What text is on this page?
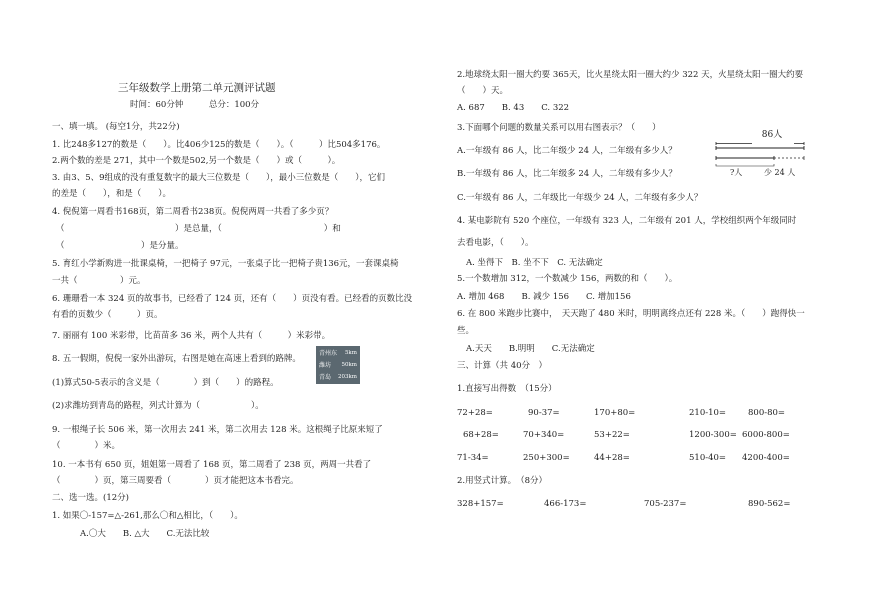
三年级数学上册第二单元测评试题
时间：60分钟　　　总分：100分
一、填一填。 (每空1分，共22分)
1. 比248多127的数是（　　）。比406少125的数是（　　）。（　　　）比504多176。
2.两个数的差是 271，其中一个数是502,另一个数是（　　）或（　　　）。
3. 由3、5、9组成的没有重复数字的最大三位数是（　　），最小三位数是（　　），它们
的差是（　　），和是（　　）。
4. 倪倪第一周看书168页，第二周看书238页。倪倪两周一共看了多少页？
（　　　　　　　　　　　　　）是总量，（　　　　　　　　　　　　）和
（　　　　　　　　　）是分量。
5. 育红小学新购进一批课桌椅，一把椅子 97元，一张桌子比一把椅子贵136元，一套课桌椅
一共（　　　　　）元。
6. 珊珊看一本 324 页的故事书，已经看了 124 页，还有（　　）页没有看。已经看的页数比没
有看的页数少（　　　）页。
7. 丽丽有 100 米彩带，比苗苗多 36 米，两个人共有（　　　）米彩带。
8. 五一假期，倪倪一家外出游玩，右图是她在高速上看到的路牌。
(1)算式50-5表示的含义是（　　　　）到（　　）的路程。
(2)求潍坊到青岛的路程，列式计算为（　　　　　　）。
青州东 5km
潍坊 50km
青岛 203km
9. 一根绳子长 506 米，第一次用去 241 米，第二次用去 128 米。这根绳子比原来短了
（　　　　）米。
10. 一本书有 650 页，姐姐第一周看了 168 页，第二周看了 238 页，两周一共看了
（　　　　）页，第三周要看（　　　　）页才能把这本书看完。
二、选一选。(12分)
1. 如果〇-157=△-261,那么〇和△相比，（　　）。
A.〇大　　B. △大　　C.无法比较
2.地球绕太阳一圈大约要 365天，比火星绕太阳一圈大约少 322 天，火星绕太阳一圈大约要
（　　）天。
A. 687　　B. 43　　C. 322
3.下面哪个问题的数量关系可以用右图表示？（　　）
A.一年级有 86 人，比二年级少 24 人，二年级有多少人？
B.一年级有 86 人，比二年级多 24 人，二年级有多少人？
C.一年级有 86 人，二年级比一年级少 24 人，二年级有多少人？
86人
?人	少 24 人
4. 某电影院有 520 个座位，一年级有 323 人，二年级有 201 人，学校组织两个年级同时
去看电影，（　　）。
A. 坐得下　B. 坐不下　C. 无法确定
5.一个数增加 312，一个数减少 156，两数的和（　　）。
A. 增加 468　　B. 减少 156　　C. 增加156
6. 在 800 米跑步比赛中，　天天跑了 480 米时，明明离终点还有 228 米。（　　）跑得快一
些。
A.天天　　B.明明　　C.无法确定
三、计算（共 40分　）
1.直接写出得数　（15分）
72+28=	90-37=	170+80=	210-10=	800-80=
68+28=	70+340=	53+22=	1200-300= 6000-800=
71-34=	250+300=	44+28=	510-40= 4200-400=
2.用竖式计算。　（8分）
328+157=	466-173=	705-237=	890-562=
